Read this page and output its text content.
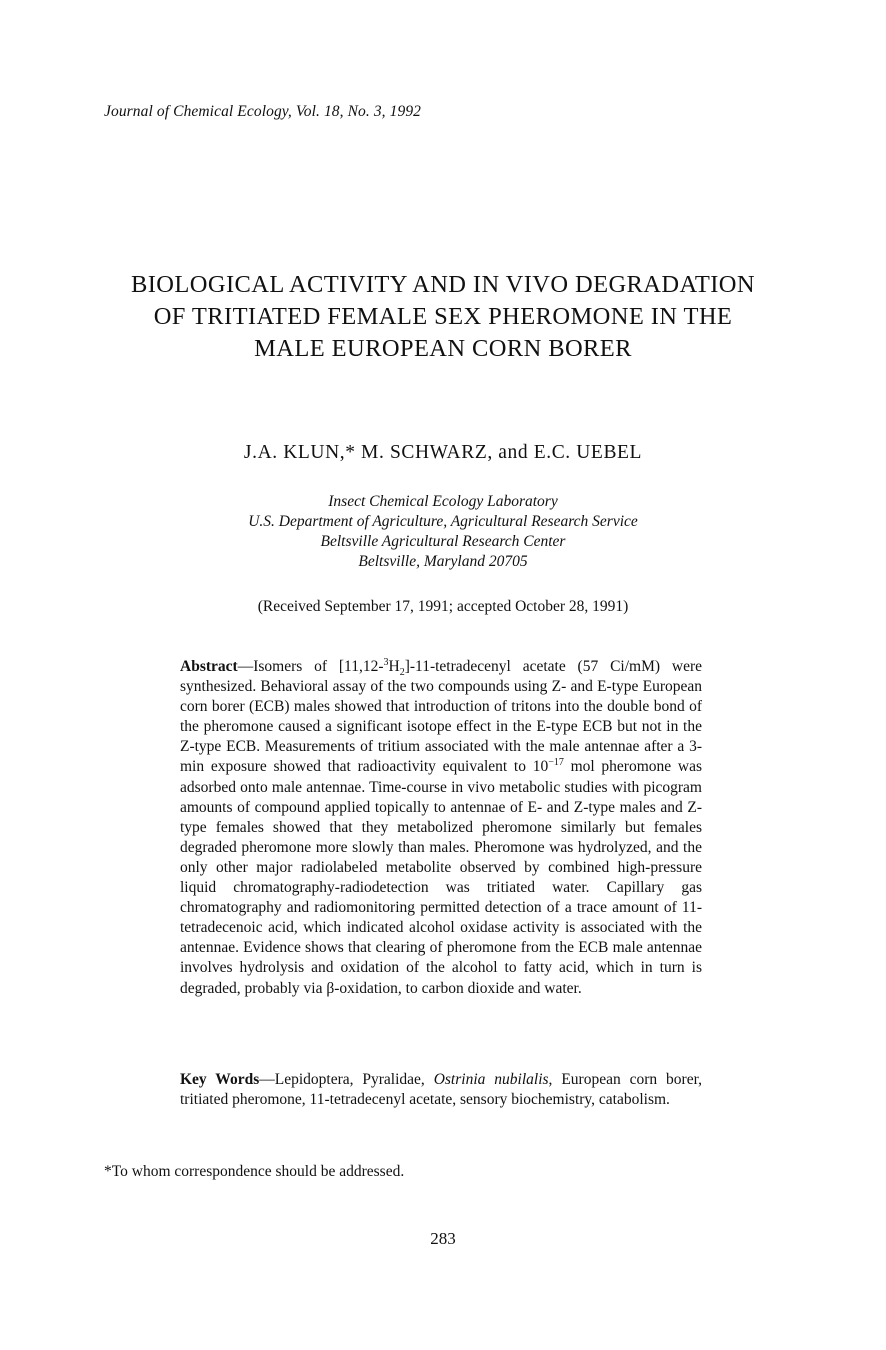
Journal of Chemical Ecology, Vol. 18, No. 3, 1992
BIOLOGICAL ACTIVITY AND IN VIVO DEGRADATION
OF TRITIATED FEMALE SEX PHEROMONE IN THE
MALE EUROPEAN CORN BORER
J.A. KLUN,* M. SCHWARZ, and E.C. UEBEL
Insect Chemical Ecology Laboratory
U.S. Department of Agriculture, Agricultural Research Service
Beltsville Agricultural Research Center
Beltsville, Maryland 20705
(Received September 17, 1991; accepted October 28, 1991)

Abstract—Isomers of $[11,12-^3H_2]-11$-tetradecenyl acetate (57 Ci/mM) were synthesized. Behavioral assay of the two compounds using Z- and E-type European corn borer (ECB) males showed that introduction of tritons into the double bond of the pheromone caused a significant isotope effect in the E-type ECB but not in the Z-type ECB. Measurements of tritium associated with the male antennae after a 3-min exposure showed that radioactivity equivalent to $10^{-17}$ mol pheromone was adsorbed onto male antennae. Time-course in vivo metabolic studies with picogram amounts of compound applied topically to antennae of E- and Z-type males and Z-type females showed that they metabolized pheromone similarly but females degraded pheromone more slowly than males. Pheromone was hydrolyzed, and the only other major radiolabeled metabolite observed by combined high-pressure liquid chromatography-radiodetection was tritiated water. Capillary gas chromatography and radiomonitoring permitted detection of a trace amount of 11-tetradecenoic acid, which indicated alcohol oxidase activity is associated with the antennae. Evidence shows that clearing of pheromone from the ECB male antennae involves hydrolysis and oxidation of the alcohol to fatty acid, which in turn is degraded, probably via β-oxidation, to carbon dioxide and water.

Key Words—Lepidoptera, Pyralidae, Ostrinia nubilalis, European corn borer, tritiated pheromone, 11-tetradecenyl acetate, sensory biochemistry, catabolism.

*To whom correspondence should be addressed.
283
